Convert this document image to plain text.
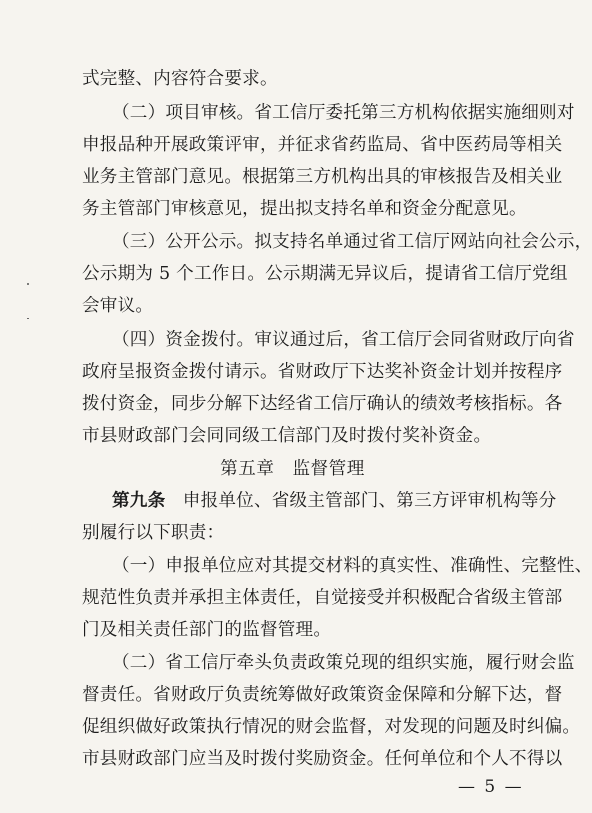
式完整、内容符合要求。
（二）项目审核。省工信厅委托第三方机构依据实施细则对
申报品种开展政策评审，并征求省药监局、省中医药局等相关
业务主管部门意见。根据第三方机构出具的审核报告及相关业
务主管部门审核意见，提出拟支持名单和资金分配意见。
（三）公开公示。拟支持名单通过省工信厅网站向社会公示，
公示期为 5 个工作日。公示期满无异议后，提请省工信厅党组
会审议。
（四）资金拨付。审议通过后，省工信厅会同省财政厅向省
政府呈报资金拨付请示。省财政厅下达奖补资金计划并按程序
拨付资金，同步分解下达经省工信厅确认的绩效考核指标。各
市县财政部门会同同级工信部门及时拨付奖补资金。
第五章 监督管理
第九条 申报单位、省级主管部门、第三方评审机构等分
别履行以下职责：
（一）申报单位应对其提交材料的真实性、准确性、完整性、
规范性负责并承担主体责任，自觉接受并积极配合省级主管部
门及相关责任部门的监督管理。
（二）省工信厅牵头负责政策兑现的组织实施，履行财会监
督责任。省财政厅负责统筹做好政策资金保障和分解下达，督
促组织做好政策执行情况的财会监督，对发现的问题及时纠偏。
市县财政部门应当及时拨付奖励资金。任何单位和个人不得以
— 5 —
